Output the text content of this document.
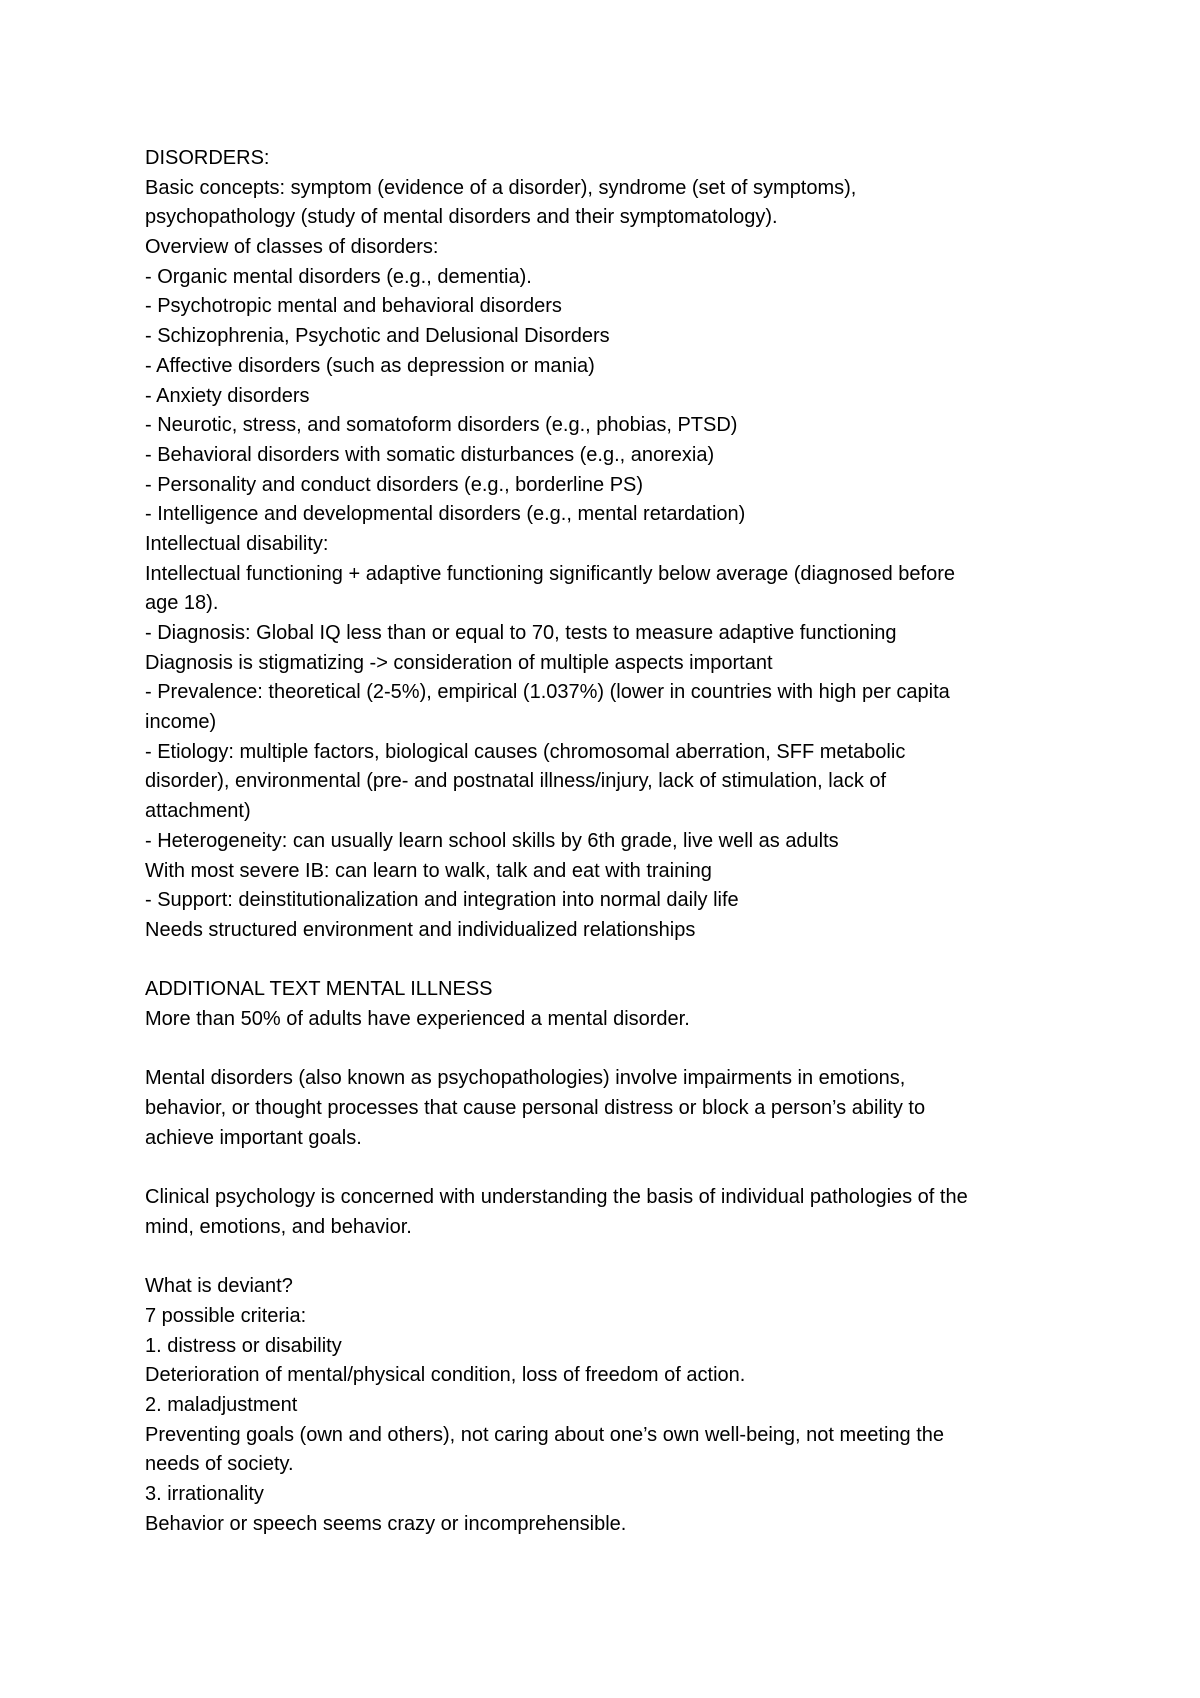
DISORDERS:
Basic concepts: symptom (evidence of a disorder), syndrome (set of symptoms),
psychopathology (study of mental disorders and their symptomatology).
Overview of classes of disorders:
- Organic mental disorders (e.g., dementia).
- Psychotropic mental and behavioral disorders
- Schizophrenia, Psychotic and Delusional Disorders
- Affective disorders (such as depression or mania)
- Anxiety disorders
- Neurotic, stress, and somatoform disorders (e.g., phobias, PTSD)
- Behavioral disorders with somatic disturbances (e.g., anorexia)
- Personality and conduct disorders (e.g., borderline PS)
- Intelligence and developmental disorders (e.g., mental retardation)
Intellectual disability:
Intellectual functioning + adaptive functioning significantly below average (diagnosed before
age 18).
- Diagnosis: Global IQ less than or equal to 70, tests to measure adaptive functioning
Diagnosis is stigmatizing -> consideration of multiple aspects important
- Prevalence: theoretical (2-5%), empirical (1.037%) (lower in countries with high per capita
income)
- Etiology: multiple factors, biological causes (chromosomal aberration, SFF metabolic
disorder), environmental (pre- and postnatal illness/injury, lack of stimulation, lack of
attachment)
- Heterogeneity: can usually learn school skills by 6th grade, live well as adults
With most severe IB: can learn to walk, talk and eat with training
- Support: deinstitutionalization and integration into normal daily life
Needs structured environment and individualized relationships
ADDITIONAL TEXT MENTAL ILLNESS
More than 50% of adults have experienced a mental disorder.
Mental disorders (also known as psychopathologies) involve impairments in emotions,
behavior, or thought processes that cause personal distress or block a person’s ability to
achieve important goals.
Clinical psychology is concerned with understanding the basis of individual pathologies of the
mind, emotions, and behavior.
What is deviant?
7 possible criteria:
1. distress or disability
Deterioration of mental/physical condition, loss of freedom of action.
2. maladjustment
Preventing goals (own and others), not caring about one’s own well-being, not meeting the
needs of society.
3. irrationality
Behavior or speech seems crazy or incomprehensible.
